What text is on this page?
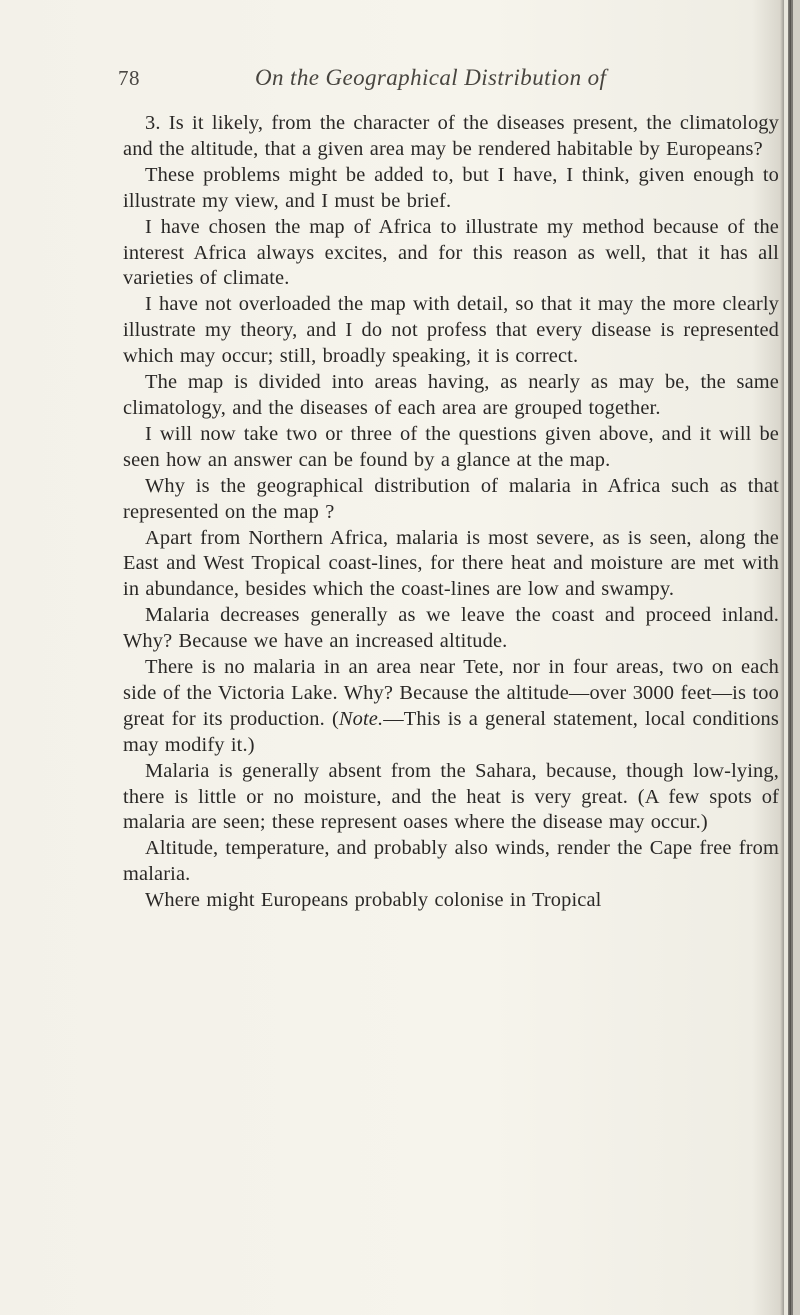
78	On the Geographical Distribution of

3. Is it likely, from the character of the diseases present, the climatology and the altitude, that a given area may be rendered habitable by Europeans?

These problems might be added to, but I have, I think, given enough to illustrate my view, and I must be brief.

I have chosen the map of Africa to illustrate my method because of the interest Africa always excites, and for this reason as well, that it has all varieties of climate.

I have not overloaded the map with detail, so that it may the more clearly illustrate my theory, and I do not profess that every disease is represented which may occur; still, broadly speaking, it is correct.

The map is divided into areas having, as nearly as may be, the same climatology, and the diseases of each area are grouped together.

I will now take two or three of the questions given above, and it will be seen how an answer can be found by a glance at the map.

Why is the geographical distribution of malaria in Africa such as that represented on the map ?

Apart from Northern Africa, malaria is most severe, as is seen, along the East and West Tropical coast-lines, for there heat and moisture are met with in abundance, besides which the coast-lines are low and swampy.

Malaria decreases generally as we leave the coast and proceed inland. Why? Because we have an increased altitude.

There is no malaria in an area near Tete, nor in four areas, two on each side of the Victoria Lake. Why? Because the altitude—over 3000 feet—is too great for its production. (Note.—This is a general statement, local conditions may modify it.)

Malaria is generally absent from the Sahara, because, though low-lying, there is little or no moisture, and the heat is very great. (A few spots of malaria are seen; these represent oases where the disease may occur.)

Altitude, temperature, and probably also winds, render the Cape free from malaria.

Where might Europeans probably colonise in Tropical
